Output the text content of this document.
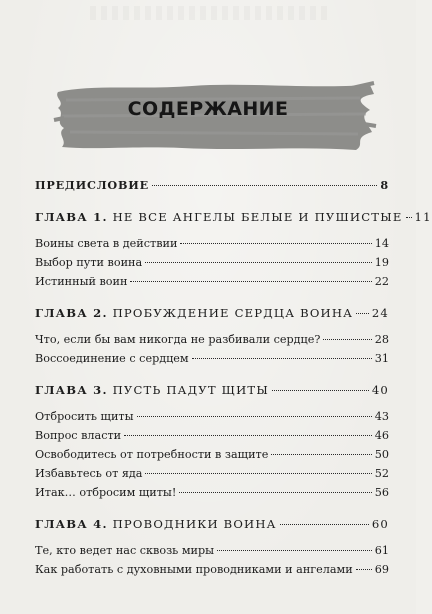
СОДЕРЖАНИЕ
ПРЕДИСЛОВИЕ	8
ГЛАВА 1. НЕ ВСЕ АНГЕЛЫ БЕЛЫЕ И ПУШИСТЫЕ 11
Воины света в действии	14
Выбор пути воина	19
Истинный воин	22
ГЛАВА 2. ПРОБУЖДЕНИЕ СЕРДЦА ВОИНА 24
Что, если бы вам никогда не разбивали сердце?	28
Воссоединение с сердцем	31
ГЛАВА 3. ПУСТЬ ПАДУТ ЩИТЫ	40
Отбросить щиты	43
Вопрос власти	46
Освободитесь от потребности в защите	50
Избавьтесь от яда	52
Итак… отбросим щиты!	56
ГЛАВА 4. ПРОВОДНИКИ ВОИНА	60
Те, кто ведет нас сквозь миры	61
Как работать с духовными проводниками и ангелами 69
